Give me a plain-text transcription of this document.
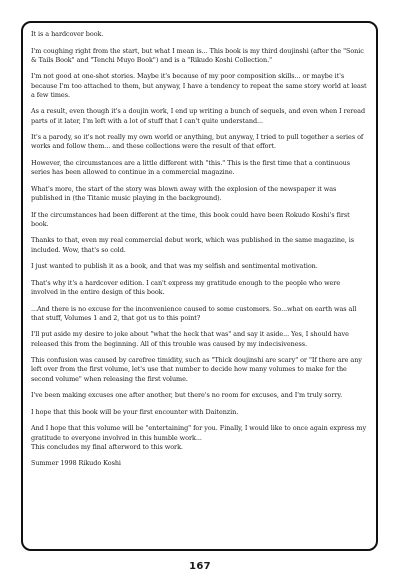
It is a hardcover book.

I'm coughing right from the start, but what I mean is... This book is my third doujinshi (after the "Sonic & Tails Book" and "Tenchi Muyo Book") and is a "Rikudo Koshi Collection."

I'm not good at one-shot stories. Maybe it's because of my poor composition skills... or maybe it's because I'm too attached to them, but anyway, I have a tendency to repeat the same story world at least a few times.

As a result, even though it's a doujin work, I end up writing a bunch of sequels, and even when I reread parts of it later, I'm left with a lot of stuff that I can't quite understand...

It's a parody, so it's not really my own world or anything, but anyway, I tried to pull together a series of works and follow them... and these collections were the result of that effort.

However, the circumstances are a little different with "this." This is the first time that a continuous series has been allowed to continue in a commercial magazine.

What's more, the start of the story was blown away with the explosion of the newspaper it was published in (the Titanic music playing in the background).

If the circumstances had been different at the time, this book could have been Rokudo Koshi's first book.

Thanks to that, even my real commercial debut work, which was published in the same magazine, is included. Wow, that's so cold.

I just wanted to publish it as a book, and that was my selfish and sentimental motivation.

That's why it's a hardcover edition. I can't express my gratitude enough to the people who were involved in the entire design of this book.

...And there is no excuse for the inconvenience caused to some customers. So...what on earth was all that stuff, Volumes 1 and 2, that got us to this point?

I'll put aside my desire to joke about "what the heck that was" and say it aside... Yes, I should have released this from the beginning. All of this trouble was caused by my indecisiveness.

This confusion was caused by carefree timidity, such as "Thick doujinshi are scary" or "If there are any left over from the first volume, let's use that number to decide how many volumes to make for the second volume" when releasing the first volume.

I've been making excuses one after another, but there's no room for excuses, and I'm truly sorry.

I hope that this book will be your first encounter with Daitenzin.

And I hope that this volume will be "entertaining" for you. Finally, I would like to once again express my gratitude to everyone involved in this humble work...
This concludes my final afterword to this work.

Summer 1998 Rikudo Koshi

167
